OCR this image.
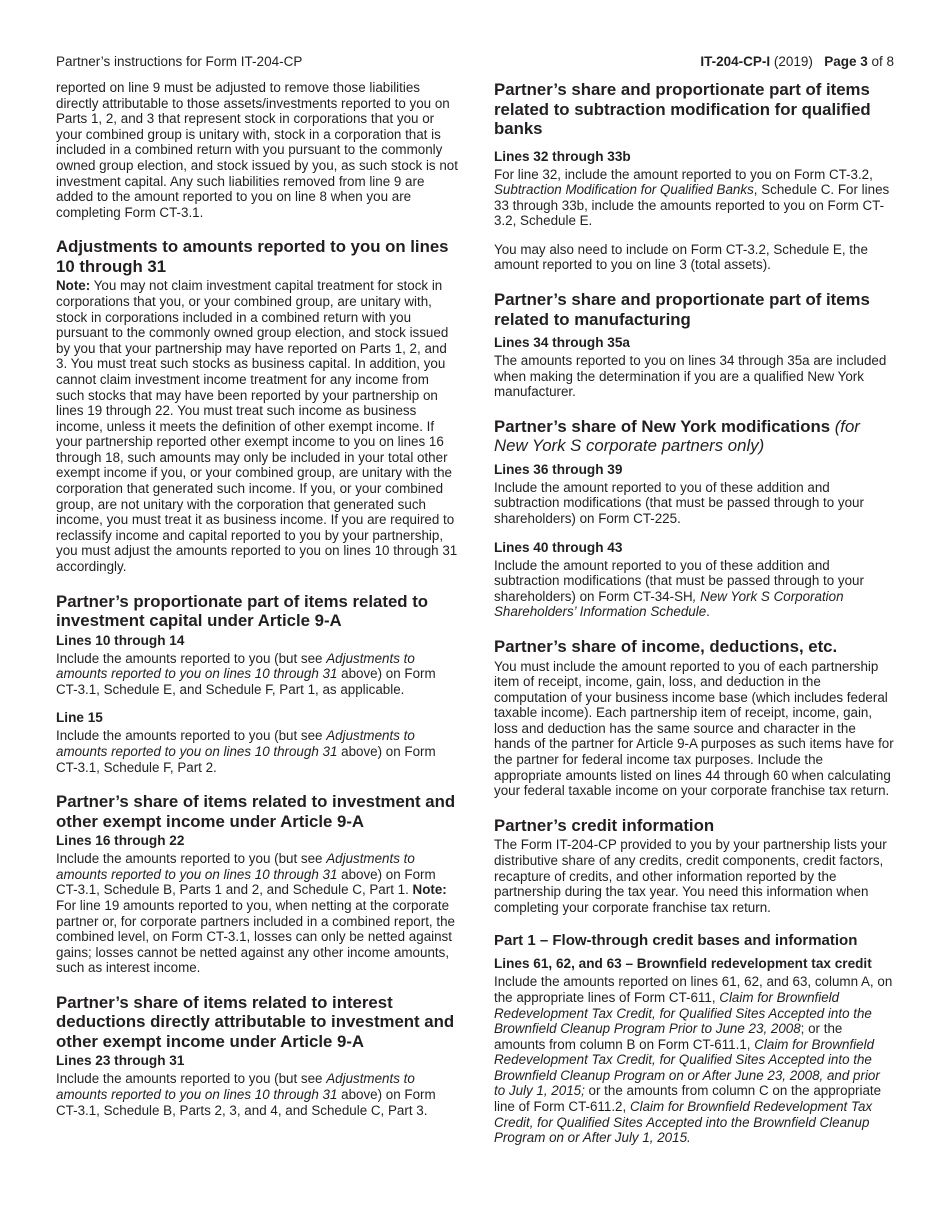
Partner’s instructions for Form IT-204-CP	IT-204-CP-I (2019)   Page 3 of 8

reported on line 9 must be adjusted to remove those liabilities directly attributable to those assets/investments reported to you on Parts 1, 2, and 3 that represent stock in corporations that you or your combined group is unitary with, stock in a corporation that is included in a combined return with you pursuant to the commonly owned group election, and stock issued by you, as such stock is not investment capital. Any such liabilities removed from line 9 are added to the amount reported to you on line 8 when you are completing Form CT-3.1.

Adjustments to amounts reported to you on lines 10 through 31

Note: You may not claim investment capital treatment for stock in corporations that you, or your combined group, are unitary with, stock in corporations included in a combined return with you pursuant to the commonly owned group election, and stock issued by you that your partnership may have reported on Parts 1, 2, and 3. You must treat such stocks as business capital. In addition, you cannot claim investment income treatment for any income from such stocks that may have been reported by your partnership on lines 19 through 22. You must treat such income as business income, unless it meets the definition of other exempt income. If your partnership reported other exempt income to you on lines 16 through 18, such amounts may only be included in your total other exempt income if you, or your combined group, are unitary with the corporation that generated such income. If you, or your combined group, are not unitary with the corporation that generated such income, you must treat it as business income. If you are required to reclassify income and capital reported to you by your partnership, you must adjust the amounts reported to you on lines 10 through 31 accordingly.

Partner’s proportionate part of items related to investment capital under Article 9-A
Lines 10 through 14

Include the amounts reported to you (but see Adjustments to amounts reported to you on lines 10 through 31 above) on Form CT-3.1, Schedule E, and Schedule F, Part 1, as applicable.

Line 15

Include the amounts reported to you (but see Adjustments to amounts reported to you on lines 10 through 31 above) on Form CT-3.1, Schedule F, Part 2.

Partner’s share of items related to investment and other exempt income under Article 9-A
Lines 16 through 22

Include the amounts reported to you (but see Adjustments to amounts reported to you on lines 10 through 31 above) on Form CT-3.1, Schedule B, Parts 1 and 2, and Schedule C, Part 1. Note: For line 19 amounts reported to you, when netting at the corporate partner or, for corporate partners included in a combined report, the combined level, on Form CT-3.1, losses can only be netted against gains; losses cannot be netted against any other income amounts, such as interest income.

Partner’s share of items related to interest deductions directly attributable to investment and other exempt income under Article 9-A
Lines 23 through 31

Include the amounts reported to you (but see Adjustments to amounts reported to you on lines 10 through 31 above) on Form CT-3.1, Schedule B, Parts 2, 3, and 4, and Schedule C, Part 3.

Partner’s share and proportionate part of items related to subtraction modification for qualified banks
Lines 32 through 33b

For line 32, include the amount reported to you on Form CT-3.2, Subtraction Modification for Qualified Banks, Schedule C. For lines 33 through 33b, include the amounts reported to you on Form CT-3.2, Schedule E.

You may also need to include on Form CT-3.2, Schedule E, the amount reported to you on line 3 (total assets).

Partner’s share and proportionate part of items related to manufacturing
Lines 34 through 35a

The amounts reported to you on lines 34 through 35a are included when making the determination if you are a qualified New York manufacturer.

Partner’s share of New York modifications (for New York S corporate partners only)
Lines 36 through 39

Include the amount reported to you of these addition and subtraction modifications (that must be passed through to your shareholders) on Form CT-225.

Lines 40 through 43

Include the amount reported to you of these addition and subtraction modifications (that must be passed through to your shareholders) on Form CT-34-SH, New York S Corporation Shareholders’ Information Schedule.

Partner’s share of income, deductions, etc.

You must include the amount reported to you of each partnership item of receipt, income, gain, loss, and deduction in the computation of your business income base (which includes federal taxable income). Each partnership item of receipt, income, gain, loss and deduction has the same source and character in the hands of the partner for Article 9-A purposes as such items have for the partner for federal income tax purposes. Include the appropriate amounts listed on lines 44 through 60 when calculating your federal taxable income on your corporate franchise tax return.

Partner’s credit information

The Form IT-204-CP provided to you by your partnership lists your distributive share of any credits, credit components, credit factors, recapture of credits, and other information reported by the partnership during the tax year. You need this information when completing your corporate franchise tax return.

Part 1 – Flow-through credit bases and information
Lines 61, 62, and 63 – Brownfield redevelopment tax credit

Include the amounts reported on lines 61, 62, and 63, column A, on the appropriate lines of Form CT-611, Claim for Brownfield Redevelopment Tax Credit, for Qualified Sites Accepted into the Brownfield Cleanup Program Prior to June 23, 2008; or the amounts from column B on Form CT-611.1, Claim for Brownfield Redevelopment Tax Credit, for Qualified Sites Accepted into the Brownfield Cleanup Program on or After June 23, 2008, and prior to July 1, 2015; or the amounts from column C on the appropriate line of Form CT-611.2, Claim for Brownfield Redevelopment Tax Credit, for Qualified Sites Accepted into the Brownfield Cleanup Program on or After July 1, 2015.
